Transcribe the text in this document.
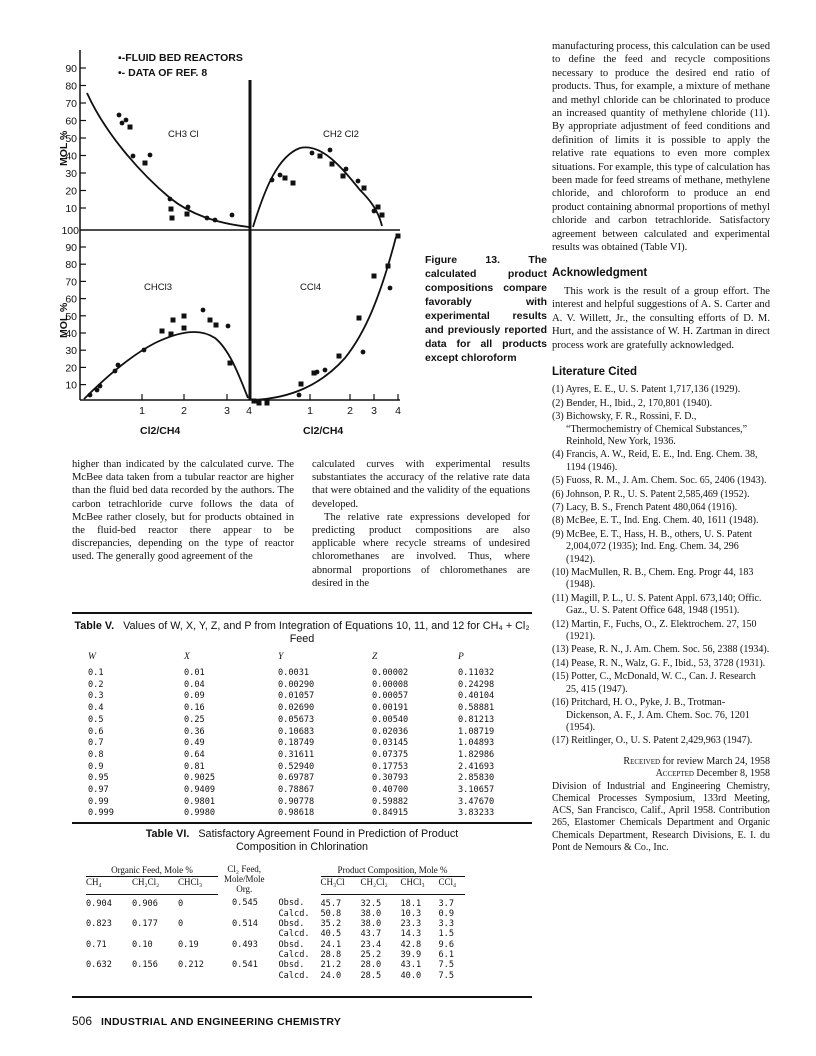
90
80
70
60
50
40
30
20
10
100
90
80
70
60
50
40
30
20
10
1	2	3 4	1	2 3 4
▪-FLUID BED REACTORS
•- DATA OF REF. 8
MOL
MOL
CH3 Cl	CH2 Cl2
CHCl3	CCl4
Cl2/CH4	Cl2/CH4
Figure 13.	The calculated product compositions compare favorably with experimental results and previously reported data for all products except chloroform

manufacturing process, this calculation can be used to define the feed and recycle compositions necessary to produce the desired end ratio of products. Thus, for example, a mixture of methane and methyl chloride can be chlorinated to produce an increased quantity of methylene chloride (11). By appropriate adjustment of feed conditions and definition of limits it is possible to apply the relative rate equations to even more complex situations. For example, this type of calculation has been made for feed streams of methane, methylene chloride, and chloroform to produce an end product containing abnormal proportions of methyl chloride and carbon tetrachloride. Satisfactory agreement between calculated and experimental results was obtained (Table VI).

Acknowledgment

This work is the result of a group effort. The interest and helpful suggestions of A. S. Carter and A. V. Willett, Jr., the consulting efforts of D. M. Hurt, and the assistance of W. H. Zartman in direct process work are gratefully acknowledged.

Literature Cited
(1) Ayres, E. E., U. S. Patent 1,717,136 (1929).
(2) Bender, H., Ibid., 2, 170,801 (1940).
(3) Bichowsky, F. R., Rossini, F. D., “Thermochemistry of Chemical Substances,” Reinhold, New York, 1936.
(4) Francis, A. W., Reid, E. E., Ind. Eng. Chem. 38, 1194 (1946).
(5) Fuoss, R. M., J. Am. Chem. Soc. 65, 2406 (1943).
(6) Johnson, P. R., U. S. Patent 2,585,469 (1952).
(7) Lacy, B. S., French Patent 480,064 (1916).
(8) McBee, E. T., Ind. Eng. Chem. 40, 1611 (1948).
(9) McBee, E. T., Hass, H. B., others, U. S. Patent 2,004,072 (1935); Ind. Eng. Chem. 34, 296 (1942).
(10) MacMullen, R. B., Chem. Eng. Progr 44, 183 (1948).
(11) Magill, P. L., U. S. Patent Appl. 673,140; Offic. Gaz., U. S. Patent Office 648, 1948 (1951).
(12) Martin, F., Fuchs, O., Z. Elektrochem. 27, 150 (1921).
(13) Pease, R. N., J. Am. Chem. Soc. 56, 2388 (1934).
(14) Pease, R. N., Walz, G. F., Ibid., 53, 3728 (1931).
(15) Potter, C., McDonald, W. C., Can. J. Research 25, 415 (1947).
(16) Pritchard, H. O., Pyke, J. B., Trotman-Dickenson, A. F., J. Am. Chem. Soc. 76, 1201 (1954).
(17) Reitlinger, O., U. S. Patent 2,429,963 (1947).
Received for review March 24, 1958
Accepted December 8, 1958

Division of Industrial and Engineering Chemistry, Chemical Processes Symposium, 133rd Meeting, ACS, San Francisco, Calif., April 1958. Contribution 265, Elastomer Chemicals Department and Organic Chemicals Department, Research Divisions, E. I. du Pont de Nemours & Co., Inc.

higher than indicated by the calculated curve. The McBee data taken from a tubular reactor are higher than the fluid bed data recorded by the authors. The carbon tetrachloride curve follows the data of McBee rather closely, but for products obtained in the fluid-bed reactor there appear to be discrepancies, depending on the type of reactor used. The generally good agreement of the

calculated curves with experimental results substantiates the accuracy of the relative rate data that were obtained and the validity of the equations developed.

The relative rate expressions developed for predicting product compositions are also applicable where recycle streams of undesired chloromethanes are involved. Thus, where abnormal proportions of chloromethanes are desired in the

Table V. Values of W, X, Y, Z, and P from Integration of Equations 10, 11, and 12 for CH₄ + Cl₂ Feed
W	X	Y	Z	P
0.1	0.01	0.0031	0.00002	0.11032
0.2	0.04	0.00290	0.00008	0.24298
0.3	0.09	0.01057	0.00057	0.40104
0.4	0.16	0.02690	0.00191	0.58881
0.5	0.25	0.05673	0.00540	0.81213
0.6	0.36	0.10683	0.02036	1.08719
0.7	0.49	0.18749	0.03145	1.04893
0.8	0.64	0.31611	0.07375	1.82986
0.9	0.81	0.52940	0.17753	2.41693
0.95	0.9025	0.69787	0.30793	2.85830
0.97	0.9409	0.78867	0.40700	3.10657
0.99	0.9801	0.90778	0.59882	3.47670
0.999	0.9980	0.98618	0.84915	3.83233
Table VI. Satisfactory Agreement Found in Prediction of Product
Composition in Chlorination
Organic Feed, Mole %			Cl₂ Feed,
Mole/Mole
Org.		Product Composition, Mole %			
CH₄	CH₂Cl₂	CHCl₃			CH₃Cl	CH₂Cl₂	CHCl₃	CCl₄
0.904	0.906	0	0.545	Obsd.	45.7	32.5	18.1	3.7
				Calcd.	50.8	38.0	10.3	0.9
0.823	0.177	0	0.514	Obsd.	35.2	38.0	23.3	3.3
				Calcd.	40.5	43.7	14.3	1.5
0.71	0.10	0.19	0.493	Obsd.	24.1	23.4	42.8	9.6
				Calcd.	28.8	25.2	39.9	6.1
0.632	0.156	0.212	0.541	Obsd.	21.2	28.0	43.1	7.5
				Calcd.	24.0	28.5	40.0	7.5
506 INDUSTRIAL AND ENGINEERING CHEMISTRY
